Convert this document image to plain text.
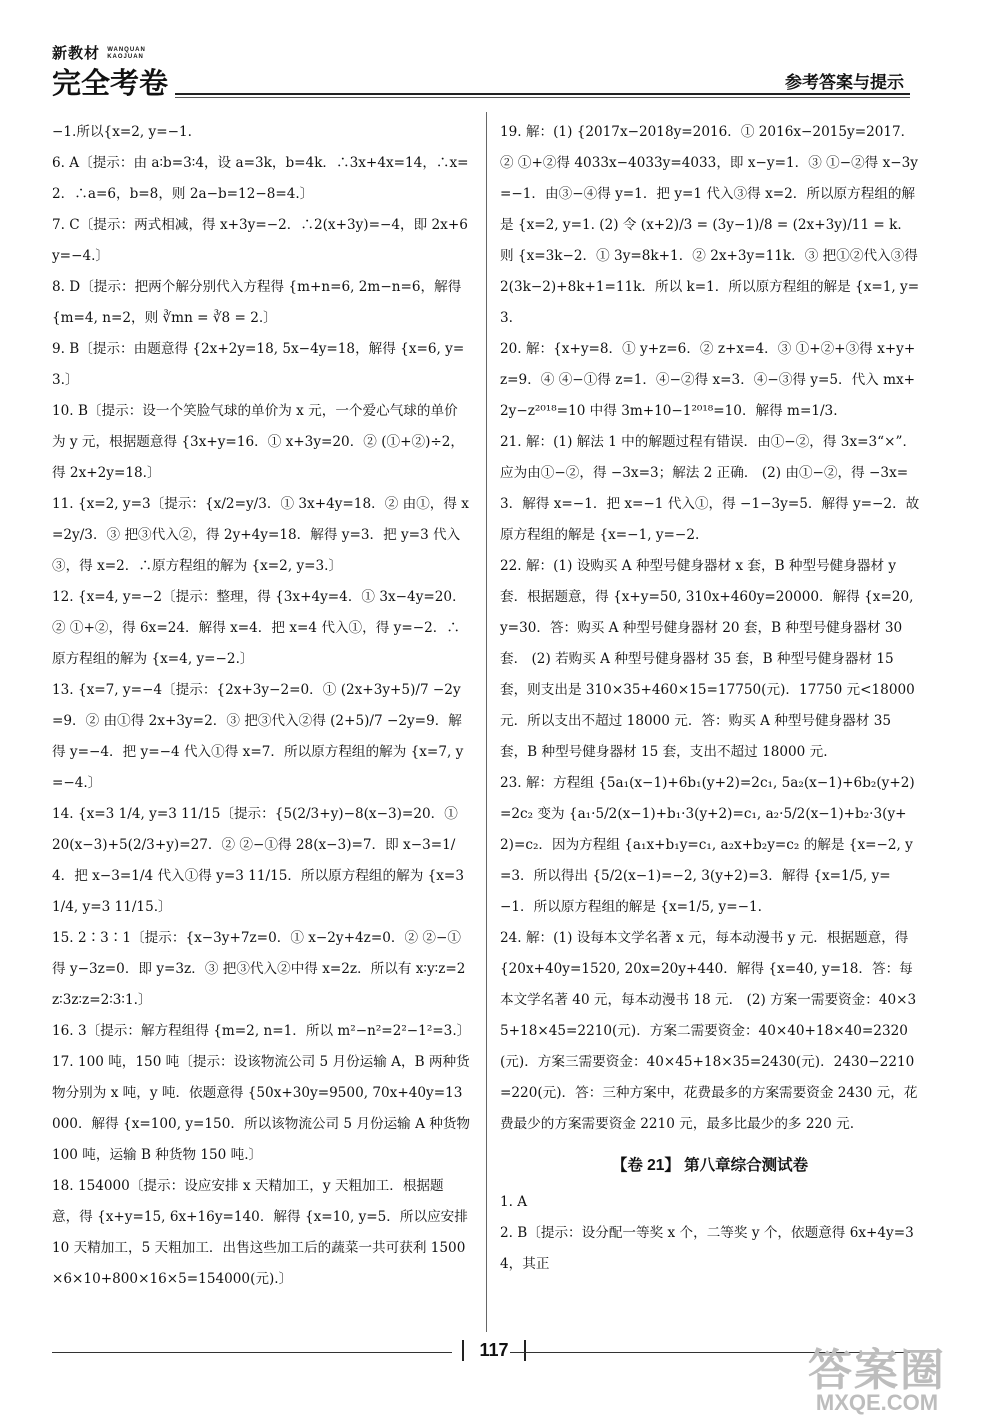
新教材 WANQUAN
KAOJUAN
完全考卷	参考答案与提示
−1.所以{x=2, y=−1.
6. A〔提示：由 a∶b=3∶4，设 a=3k，b=4k．∴3x+4x=14，∴x=2．∴a=6，b=8，则 2a−b=12−8=4.〕
7. C〔提示：两式相减，得 x+3y=−2．∴2(x+3y)=−4，即 2x+6y=−4.〕
8. D〔提示：把两个解分别代入方程得 {m+n=6, 2m−n=6，解得 {m=4, n=2，则 ∛mn = ∛8 = 2.〕
9. B〔提示：由题意得 {2x+2y=18, 5x−4y=18，解得 {x=6, y=3.〕
10. B〔提示：设一个笑脸气球的单价为 x 元，一个爱心气球的单价为 y 元，根据题意得 {3x+y=16．① x+3y=20．② (①+②)÷2，得 2x+2y=18.〕
11. {x=2, y=3〔提示：{x/2=y/3．① 3x+4y=18．② 由①，得 x=2y/3．③ 把③代入②，得 2y+4y=18．解得 y=3．把 y=3 代入③，得 x=2．∴原方程组的解为 {x=2, y=3.〕
12. {x=4, y=−2〔提示：整理，得 {3x+4y=4．① 3x−4y=20．② ①+②，得 6x=24．解得 x=4．把 x=4 代入①，得 y=−2．∴原方程组的解为 {x=4, y=−2.〕
13. {x=7, y=−4〔提示：{2x+3y−2=0．① (2x+3y+5)/7 −2y=9．② 由①得 2x+3y=2．③ 把③代入②得 (2+5)/7 −2y=9．解得 y=−4．把 y=−4 代入①得 x=7．所以原方程组的解为 {x=7, y=−4.〕
14. {x=3 1/4, y=3 11/15〔提示：{5(2/3+y)−8(x−3)=20．① 20(x−3)+5(2/3+y)=27．② ②−①得 28(x−3)=7．即 x−3=1/4．把 x−3=1/4 代入①得 y=3 11/15．所以原方程组的解为 {x=3 1/4, y=3 11/15.〕
15. 2∶3∶1〔提示：{x−3y+7z=0．① x−2y+4z=0．② ②−①得 y−3z=0．即 y=3z．③ 把③代入②中得 x=2z．所以有 x∶y∶z=2z∶3z∶z=2∶3∶1.〕
16. 3〔提示：解方程组得 {m=2, n=1．所以 m²−n²=2²−1²=3.〕
17. 100 吨，150 吨〔提示：设该物流公司 5 月份运输 A，B 两种货物分别为 x 吨，y 吨．依题意得 {50x+30y=9500, 70x+40y=13000．解得 {x=100, y=150．所以该物流公司 5 月份运输 A 种货物 100 吨，运输 B 种货物 150 吨.〕
18. 154000〔提示：设应安排 x 天精加工，y 天粗加工．根据题意，得 {x+y=15, 6x+16y=140．解得 {x=10, y=5．所以应安排 10 天精加工，5 天粗加工．出售这些加工后的蔬菜一共可获利 1500×6×10+800×16×5=154000(元).〕
19. 解：(1) {2017x−2018y=2016．① 2016x−2015y=2017．② ①+②得 4033x−4033y=4033，即 x−y=1．③ ①−②得 x−3y=−1．由③−④得 y=1．把 y=1 代入③得 x=2．所以原方程组的解是 {x=2, y=1. (2) 令 (x+2)/3 = (3y−1)/8 = (2x+3y)/11 = k．则 {x=3k−2．① 3y=8k+1．② 2x+3y=11k．③ 把①②代入③得 2(3k−2)+8k+1=11k．所以 k=1．所以原方程组的解是 {x=1, y=3.
20. 解：{x+y=8．① y+z=6．② z+x=4．③ ①+②+③得 x+y+z=9．④ ④−①得 z=1．④−②得 x=3．④−③得 y=5．代入 mx+2y−z²⁰¹⁸=10 中得 3m+10−1²⁰¹⁸=10．解得 m=1/3.
21. 解：(1) 解法 1 中的解题过程有错误．由①−②，得 3x=3“×”．应为由①−②，得 −3x=3；解法 2 正确． (2) 由①−②，得 −3x=3．解得 x=−1．把 x=−1 代入①，得 −1−3y=5．解得 y=−2．故原方程组的解是 {x=−1, y=−2.
22. 解：(1) 设购买 A 种型号健身器材 x 套，B 种型号健身器材 y 套．根据题意，得 {x+y=50, 310x+460y=20000．解得 {x=20, y=30．答：购买 A 种型号健身器材 20 套，B 种型号健身器材 30 套． (2) 若购买 A 种型号健身器材 35 套，B 种型号健身器材 15 套，则支出是 310×35+460×15=17750(元)．17750 元<18000 元．所以支出不超过 18000 元．答：购买 A 种型号健身器材 35 套，B 种型号健身器材 15 套，支出不超过 18000 元.
23. 解：方程组 {5a₁(x−1)+6b₁(y+2)=2c₁, 5a₂(x−1)+6b₂(y+2)=2c₂ 变为 {a₁·5/2(x−1)+b₁·3(y+2)=c₁, a₂·5/2(x−1)+b₂·3(y+2)=c₂．因为方程组 {a₁x+b₁y=c₁, a₂x+b₂y=c₂ 的解是 {x=−2, y=3．所以得出 {5/2(x−1)=−2, 3(y+2)=3．解得 {x=1/5, y=−1．所以原方程组的解是 {x=1/5, y=−1.
24. 解：(1) 设每本文学名著 x 元，每本动漫书 y 元．根据题意，得 {20x+40y=1520, 20x=20y+440．解得 {x=40, y=18．答：每本文学名著 40 元，每本动漫书 18 元． (2) 方案一需要资金：40×35+18×45=2210(元)．方案二需要资金：40×40+18×40=2320(元)．方案三需要资金：40×45+18×35=2430(元)．2430−2210=220(元)．答：三种方案中，花费最多的方案需要资金 2430 元，花费最少的方案需要资金 2210 元，最多比最少的多 220 元.
【卷 21】 第八章综合测试卷
1. A
2. B〔提示：设分配一等奖 x 个，二等奖 y 个，依题意得 6x+4y=34，其正
117	答案圈
MXQE.COM
